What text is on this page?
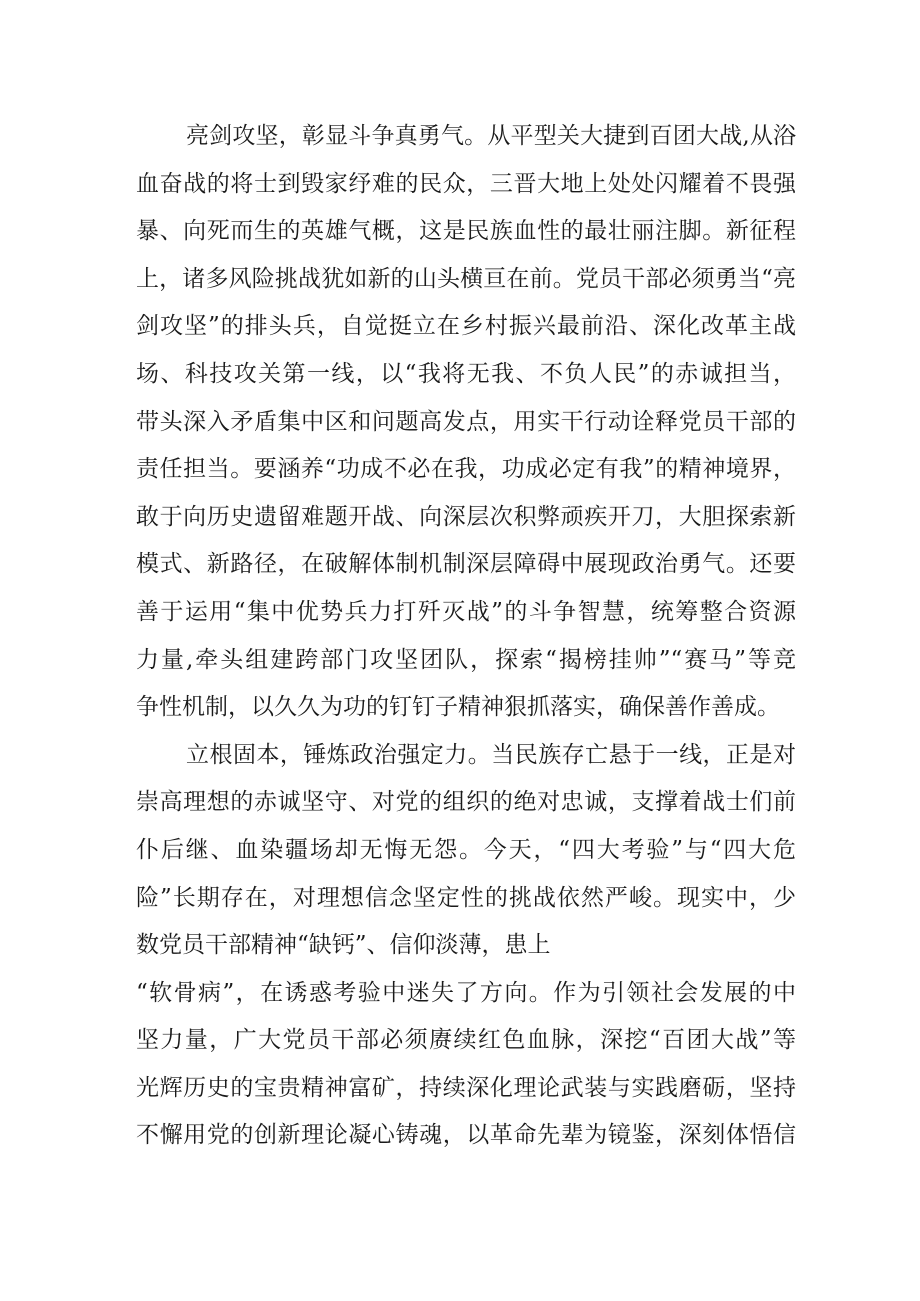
亮剑攻坚，彰显斗争真勇气。从平型关大捷到百团大战,从浴
血奋战的将士到毁家纾难的民众，三晋大地上处处闪耀着不畏强
暴、向死而生的英雄气概，这是民族血性的最壮丽注脚。新征程
上，诸多风险挑战犹如新的山头横亘在前。党员干部必须勇当“亮
剑攻坚”的排头兵，自觉挺立在乡村振兴最前沿、深化改革主战
场、科技攻关第一线，以“我将无我、不负人民”的赤诚担当，
带头深入矛盾集中区和问题高发点，用实干行动诠释党员干部的
责任担当。要涵养“功成不必在我，功成必定有我”的精神境界，
敢于向历史遗留难题开战、向深层次积弊顽疾开刀，大胆探索新
模式、新路径，在破解体制机制深层障碍中展现政治勇气。还要
善于运用“集中优势兵力打歼灭战”的斗争智慧，统筹整合资源
力量,牵头组建跨部门攻坚团队，探索“揭榜挂帅”“赛马”等竞
争性机制，以久久为功的钉钉子精神狠抓落实，确保善作善成。
立根固本，锤炼政治强定力。当民族存亡悬于一线，正是对
崇高理想的赤诚坚守、对党的组织的绝对忠诚，支撑着战士们前
仆后继、血染疆场却无悔无怨。今天，“四大考验”与“四大危
险”长期存在，对理想信念坚定性的挑战依然严峻。现实中，少
数党员干部精神“缺钙”、信仰淡薄，患上
“软骨病”，在诱惑考验中迷失了方向。作为引领社会发展的中
坚力量，广大党员干部必须赓续红色血脉，深挖“百团大战”等
光辉历史的宝贵精神富矿，持续深化理论武装与实践磨砺，坚持
不懈用党的创新理论凝心铸魂，以革命先辈为镜鉴，深刻体悟信
